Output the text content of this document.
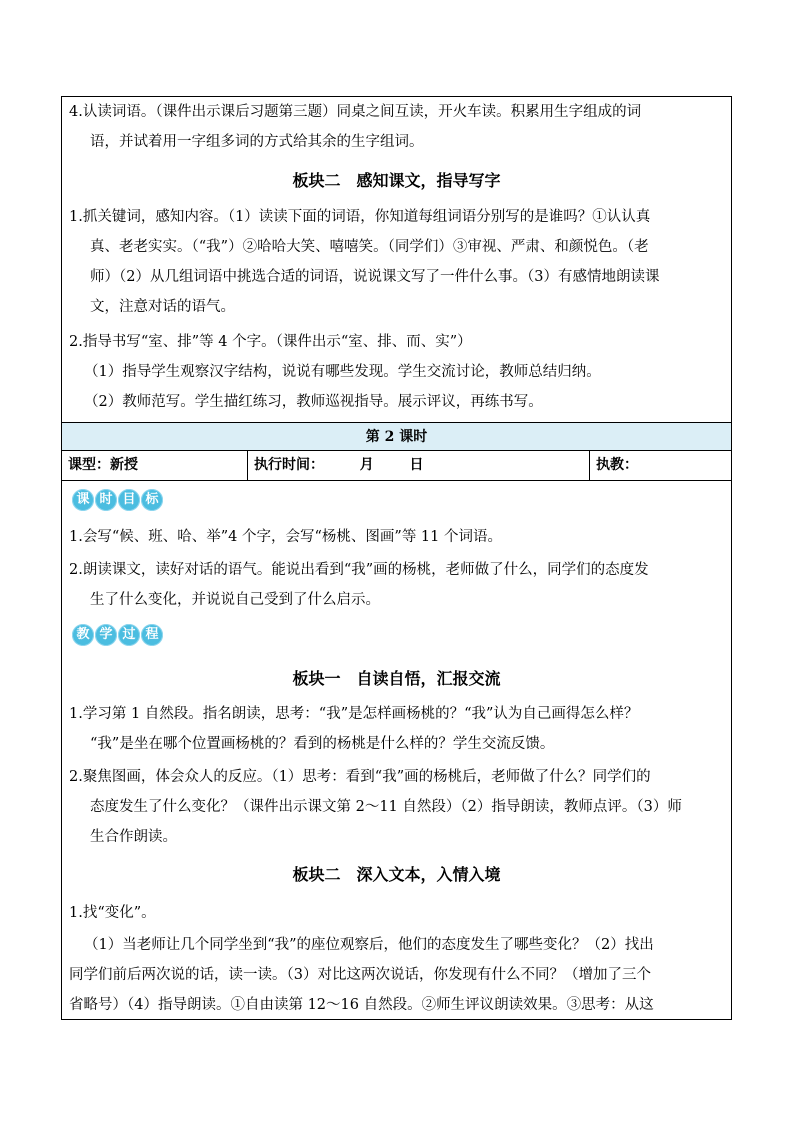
4.认读词语。（课件出示课后习题第三题）同桌之间互读，开火车读。积累用生字组成的词
语，并试着用一字组多词的方式给其余的生字组词。
板块二　感知课文，指导写字
1.抓关键词，感知内容。（1）读读下面的词语，你知道每组词语分别写的是谁吗？①认认真
真、老老实实。（“我”）②哈哈大笑、嘻嘻笑。（同学们）③审视、严肃、和颜悦色。（老
师）（2）从几组词语中挑选合适的词语，说说课文写了一件什么事。（3）有感情地朗读课
文，注意对话的语气。
2.指导书写“室、排”等 4 个字。（课件出示“室、排、而、实”）
（1）指导学生观察汉字结构，说说有哪些发现。学生交流讨论，教师总结归纳。
（2）教师范写。学生描红练习，教师巡视指导。展示评议，再练书写。
第 2 课时
课型：新授	执行时间：	月	日	执教：
课 时 目 标
1.会写“候、班、哈、举”4 个字，会写“杨桃、图画”等 11 个词语。
2.朗读课文，读好对话的语气。能说出看到“我”画的杨桃，老师做了什么，同学们的态度发
生了什么变化，并说说自己受到了什么启示。
教 学 过 程
板块一　自读自悟，汇报交流
1.学习第 1 自然段。指名朗读，思考：“我”是怎样画杨桃的？“我”认为自己画得怎么样？
“我”是坐在哪个位置画杨桃的？看到的杨桃是什么样的？学生交流反馈。
2.聚焦图画，体会众人的反应。（1）思考：看到“我”画的杨桃后，老师做了什么？同学们的
态度发生了什么变化？（课件出示课文第 2～11 自然段）（2）指导朗读，教师点评。（3）师
生合作朗读。
板块二　深入文本，入情入境
1.找“变化”。
（1）当老师让几个同学坐到“我”的座位观察后，他们的态度发生了哪些变化？（2）找出
同学们前后两次说的话，读一读。（3）对比这两次说话，你发现有什么不同？（增加了三个
省略号）（4）指导朗读。①自由读第 12～16 自然段。②师生评议朗读效果。③思考：从这
